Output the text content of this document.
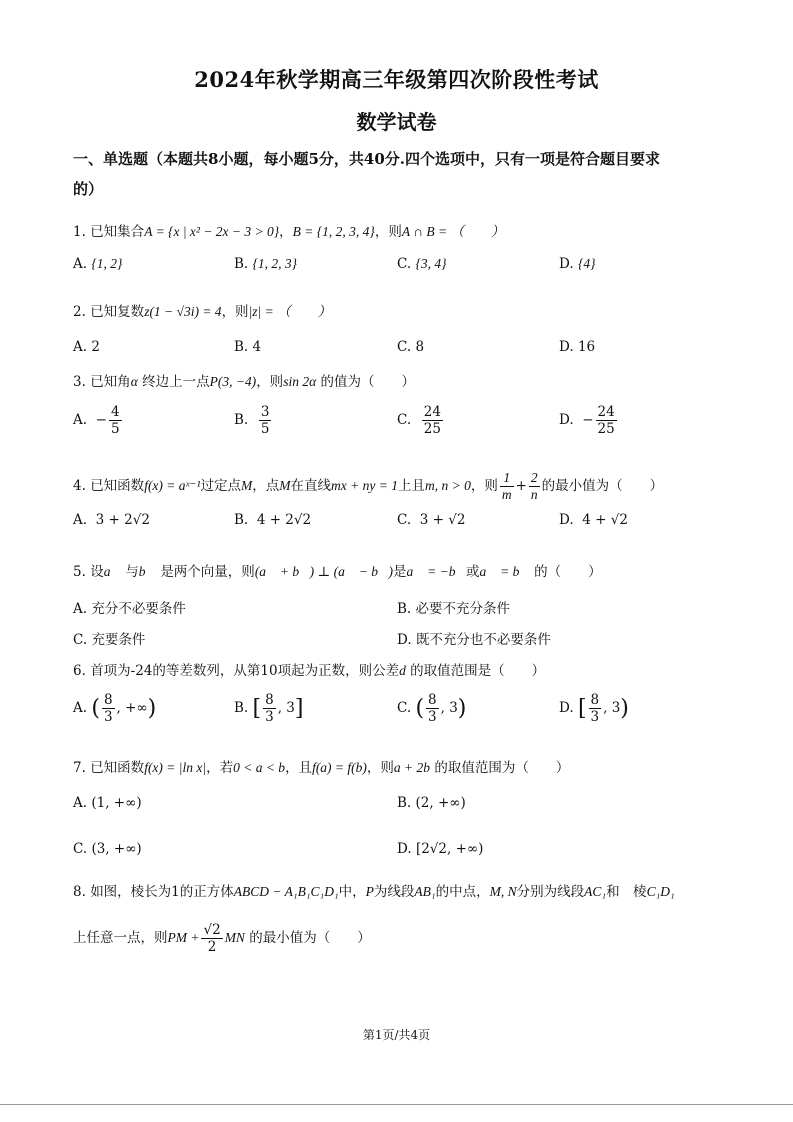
2024年秋学期高三年级第四次阶段性考试
数学试卷
一、单选题（本题共8小题，每小题5分，共40分.四个选项中，只有一项是符合题目要求
的）
1. 已知集合A = {x | x² − 2x − 3 > 0}，B = {1, 2, 3, 4}，则A ∩ B = （　　）
A. {1, 2}	B. {1, 2, 3}	C. {3, 4}	D. {4}
2. 已知复数z(1 − √3i) = 4，则|z| = （　　）
A. 2	B. 4	C. 8	D. 16
3. 已知角α 终边上一点P(3, −4)，则sin 2α 的值为（　　）
A. − $\frac{4}{5}$	B. $\frac{3}{5}$	C. $\frac{24}{25}$	D. − $\frac{24}{25}$
4. 已知函数f(x) = aˣ⁻¹过定点M，点M在直线mx + ny = 1上且m, n > 0，则 $\frac{1}{m} + \frac{2}{n}$ 的最小值为（　　）
A. 3 + 2√2	B. 4 + 2√2	C. 3 + √2	D. 4 + √2
5. 设a⃗ 与b⃗ 是两个向量，则(a⃗ + b⃗) ⊥ (a⃗ − b⃗)是a⃗ = −b⃗或a⃗ = b⃗ 的（　　）
A. 充分不必要条件	B. 必要不充分条件
C. 充要条件	D. 既不充分也不必要条件
6. 首项为-24的等差数列，从第10项起为正数，则公差d 的取值范围是（　　）
A. ( $\frac{8}{3}$ , +∞)	B. [ $\frac{8}{3}$ , 3]	C. ( $\frac{8}{3}$ , 3)	D. [ $\frac{8}{3}$ , 3)
7. 已知函数f(x) = |ln x|，若0 < a < b，且f(a) = f(b)，则a + 2b 的取值范围为（　　）
A. (1, +∞)	B. (2, +∞)
C. (3, +∞)	D. [2√2, +∞)
8. 如图，棱长为1的正方体ABCD − A₁B₁C₁D₁中，P为线段AB₁的中点，M, N分别为线段AC₁和　棱C₁D₁
上任意一点，则PM + $\frac{√2}{2}$ MN 的最小值为（　　）
第1页/共4页
